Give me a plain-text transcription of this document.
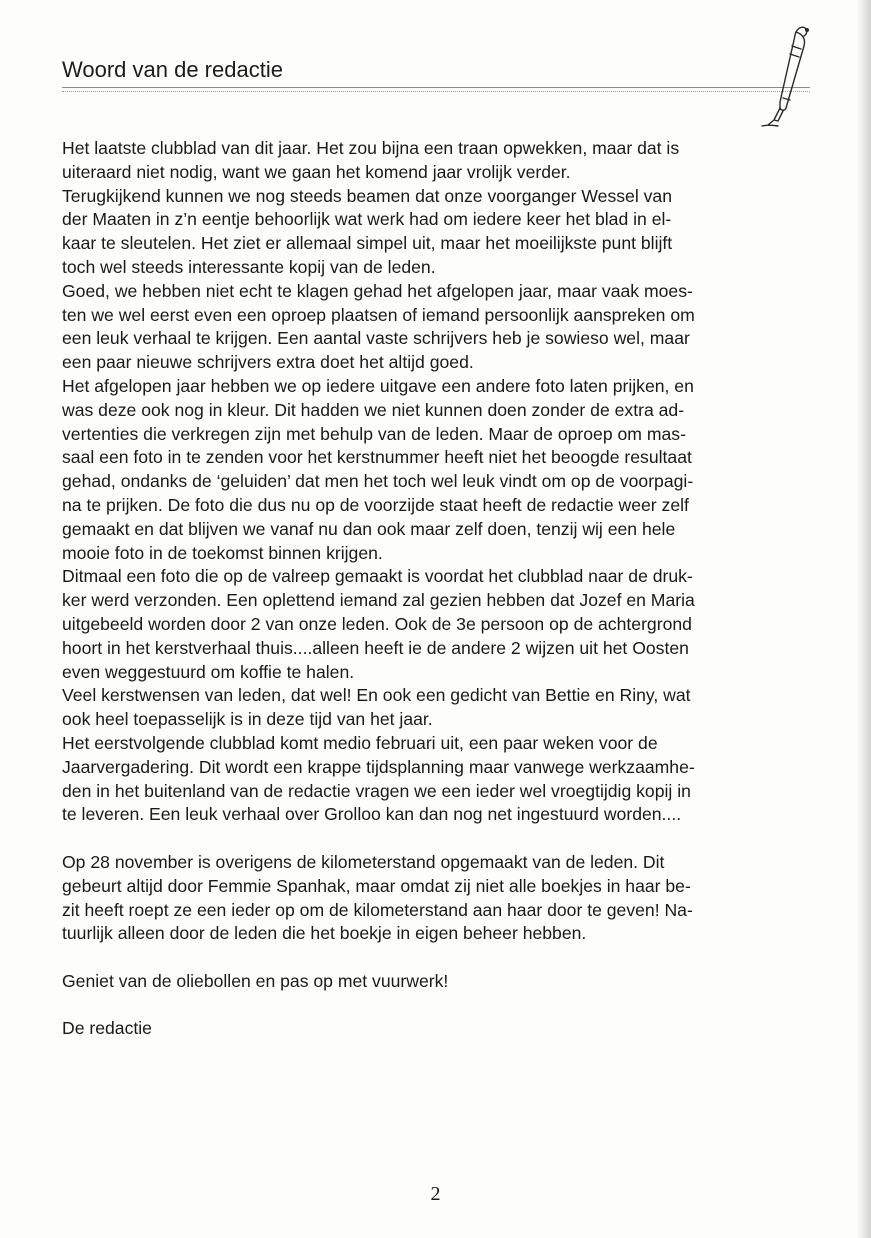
Woord van de redactie
Het laatste clubblad van dit jaar. Het zou bijna een traan opwekken, maar dat is
uiteraard niet nodig, want we gaan het komend jaar vrolijk verder.
Terugkijkend kunnen we nog steeds beamen dat onze voorganger Wessel van
der Maaten in z’n eentje behoorlijk wat werk had om iedere keer het blad in el-
kaar te sleutelen. Het ziet er allemaal simpel uit, maar het moeilijkste punt blijft
toch wel steeds interessante kopij van de leden.
Goed, we hebben niet echt te klagen gehad het afgelopen jaar, maar vaak moes-
ten we wel eerst even een oproep plaatsen of iemand persoonlijk aanspreken om
een leuk verhaal te krijgen. Een aantal vaste schrijvers heb je sowieso wel, maar
een paar nieuwe schrijvers extra doet het altijd goed.
Het afgelopen jaar hebben we op iedere uitgave een andere foto laten prijken, en
was deze ook nog in kleur. Dit hadden we niet kunnen doen zonder de extra ad-
vertenties die verkregen zijn met behulp van de leden. Maar de oproep om mas-
saal een foto in te zenden voor het kerstnummer heeft niet het beoogde resultaat
gehad, ondanks de ‘geluiden’ dat men het toch wel leuk vindt om op de voorpagi-
na te prijken. De foto die dus nu op de voorzijde staat heeft de redactie weer zelf
gemaakt en dat blijven we vanaf nu dan ook maar zelf doen, tenzij wij een hele
mooie foto in de toekomst binnen krijgen.
Ditmaal een foto die op de valreep gemaakt is voordat het clubblad naar de druk-
ker werd verzonden. Een oplettend iemand zal gezien hebben dat Jozef en Maria
uitgebeeld worden door 2 van onze leden. Ook de 3e persoon op de achtergrond
hoort in het kerstverhaal thuis....alleen heeft ie de andere 2 wijzen uit het Oosten
even weggestuurd om koffie te halen.
Veel kerstwensen van leden, dat wel! En ook een gedicht van Bettie en Riny, wat
ook heel toepasselijk is in deze tijd van het jaar.
Het eerstvolgende clubblad komt medio februari uit, een paar weken voor de
Jaarvergadering. Dit wordt een krappe tijdsplanning maar vanwege werkzaamhe-
den in het buitenland van de redactie vragen we een ieder wel vroegtijdig kopij in
te leveren. Een leuk verhaal over Grolloo kan dan nog net ingestuurd worden....
Op 28 november is overigens de kilometerstand opgemaakt van de leden. Dit
gebeurt altijd door Femmie Spanhak, maar omdat zij niet alle boekjes in haar be-
zit heeft roept ze een ieder op om de kilometerstand aan haar door te geven! Na-
tuurlijk alleen door de leden die het boekje in eigen beheer hebben.
Geniet van de oliebollen en pas op met vuurwerk!
De redactie
2
